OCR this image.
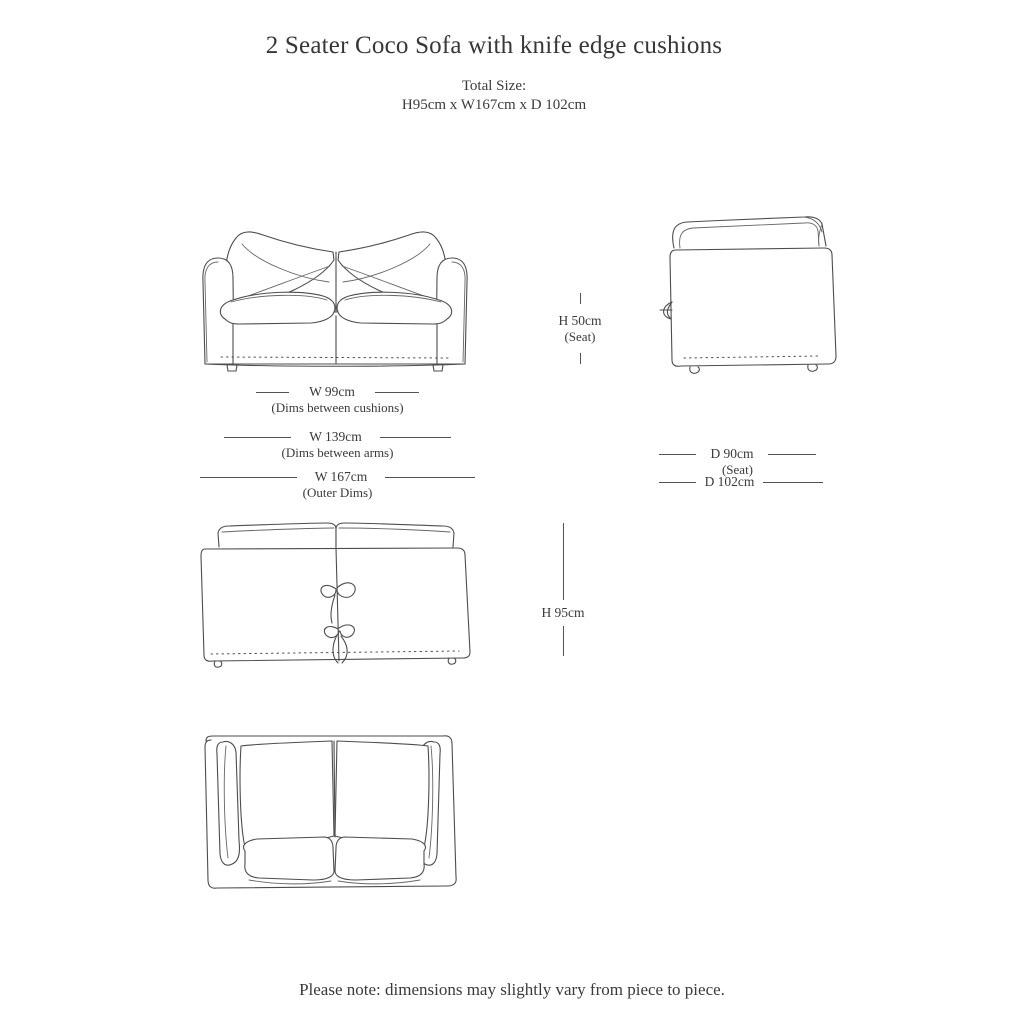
2 Seater Coco Sofa with knife edge cushions
Total Size:
H95cm x W167cm x D 102cm
H 50cm
(Seat)
W 99cm
(Dims between cushions)
W 139cm
(Dims between arms)
W 167cm
(Outer Dims)
D 90cm
(Seat)
D 102cm
H 95cm
Please note: dimensions may slightly vary from piece to piece.
